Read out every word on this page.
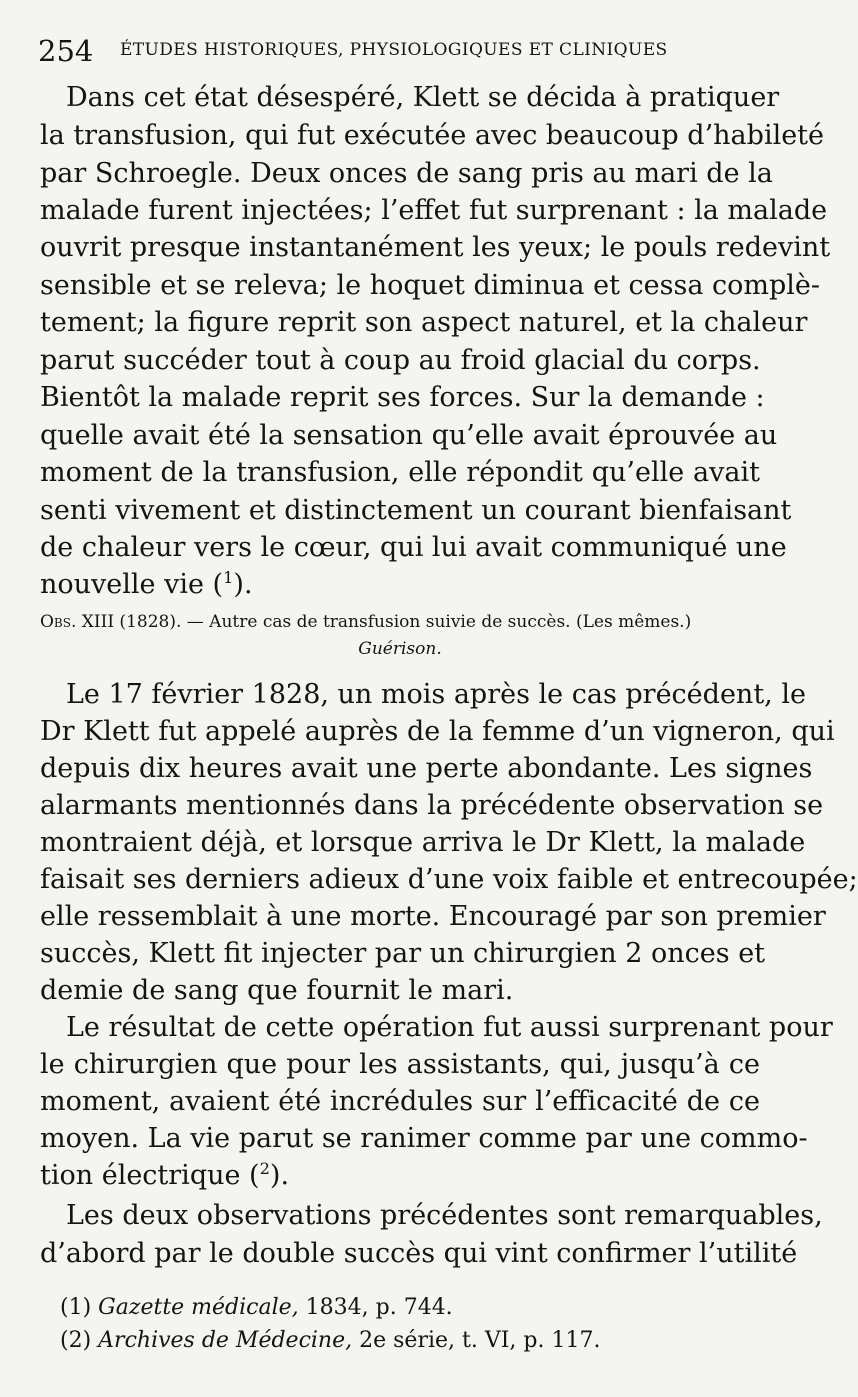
254 ÉTUDES HISTORIQUES, PHYSIOLOGIQUES ET CLINIQUES
Dans cet état désespéré, Klett se décida à pratiquer
la transfusion, qui fut exécutée avec beaucoup d’habileté
par Schroegle. Deux onces de sang pris au mari de la
malade furent injectées; l’effet fut surprenant : la malade
ouvrit presque instantanément les yeux; le pouls redevint
sensible et se releva; le hoquet diminua et cessa complè-
tement; la figure reprit son aspect naturel, et la chaleur
parut succéder tout à coup au froid glacial du corps.
Bientôt la malade reprit ses forces. Sur la demande :
quelle avait été la sensation qu’elle avait éprouvée au
moment de la transfusion, elle répondit qu’elle avait
senti vivement et distinctement un courant bienfaisant
de chaleur vers le cœur, qui lui avait communiqué une
nouvelle vie ($^1$).
Obs. XIII (1828). — Autre cas de transfusion suivie de succès. (Les mêmes.)
Guérison.
Le 17 février 1828, un mois après le cas précédent, le
Dr Klett fut appelé auprès de la femme d’un vigneron, qui
depuis dix heures avait une perte abondante. Les signes
alarmants mentionnés dans la précédente observation se
montraient déjà, et lorsque arriva le Dr Klett, la malade
faisait ses derniers adieux d’une voix faible et entrecoupée;
elle ressemblait à une morte. Encouragé par son premier
succès, Klett fit injecter par un chirurgien 2 onces et
demie de sang que fournit le mari.
Le résultat de cette opération fut aussi surprenant pour
le chirurgien que pour les assistants, qui, jusqu’à ce
moment, avaient été incrédules sur l’efficacité de ce
moyen. La vie parut se ranimer comme par une commo-
tion électrique ($^2$).
Les deux observations précédentes sont remarquables,
d’abord par le double succès qui vint confirmer l’utilité
(1) Gazette médicale, 1834, p. 744.
(2) Archives de Médecine, 2e série, t. VI, p. 117.
